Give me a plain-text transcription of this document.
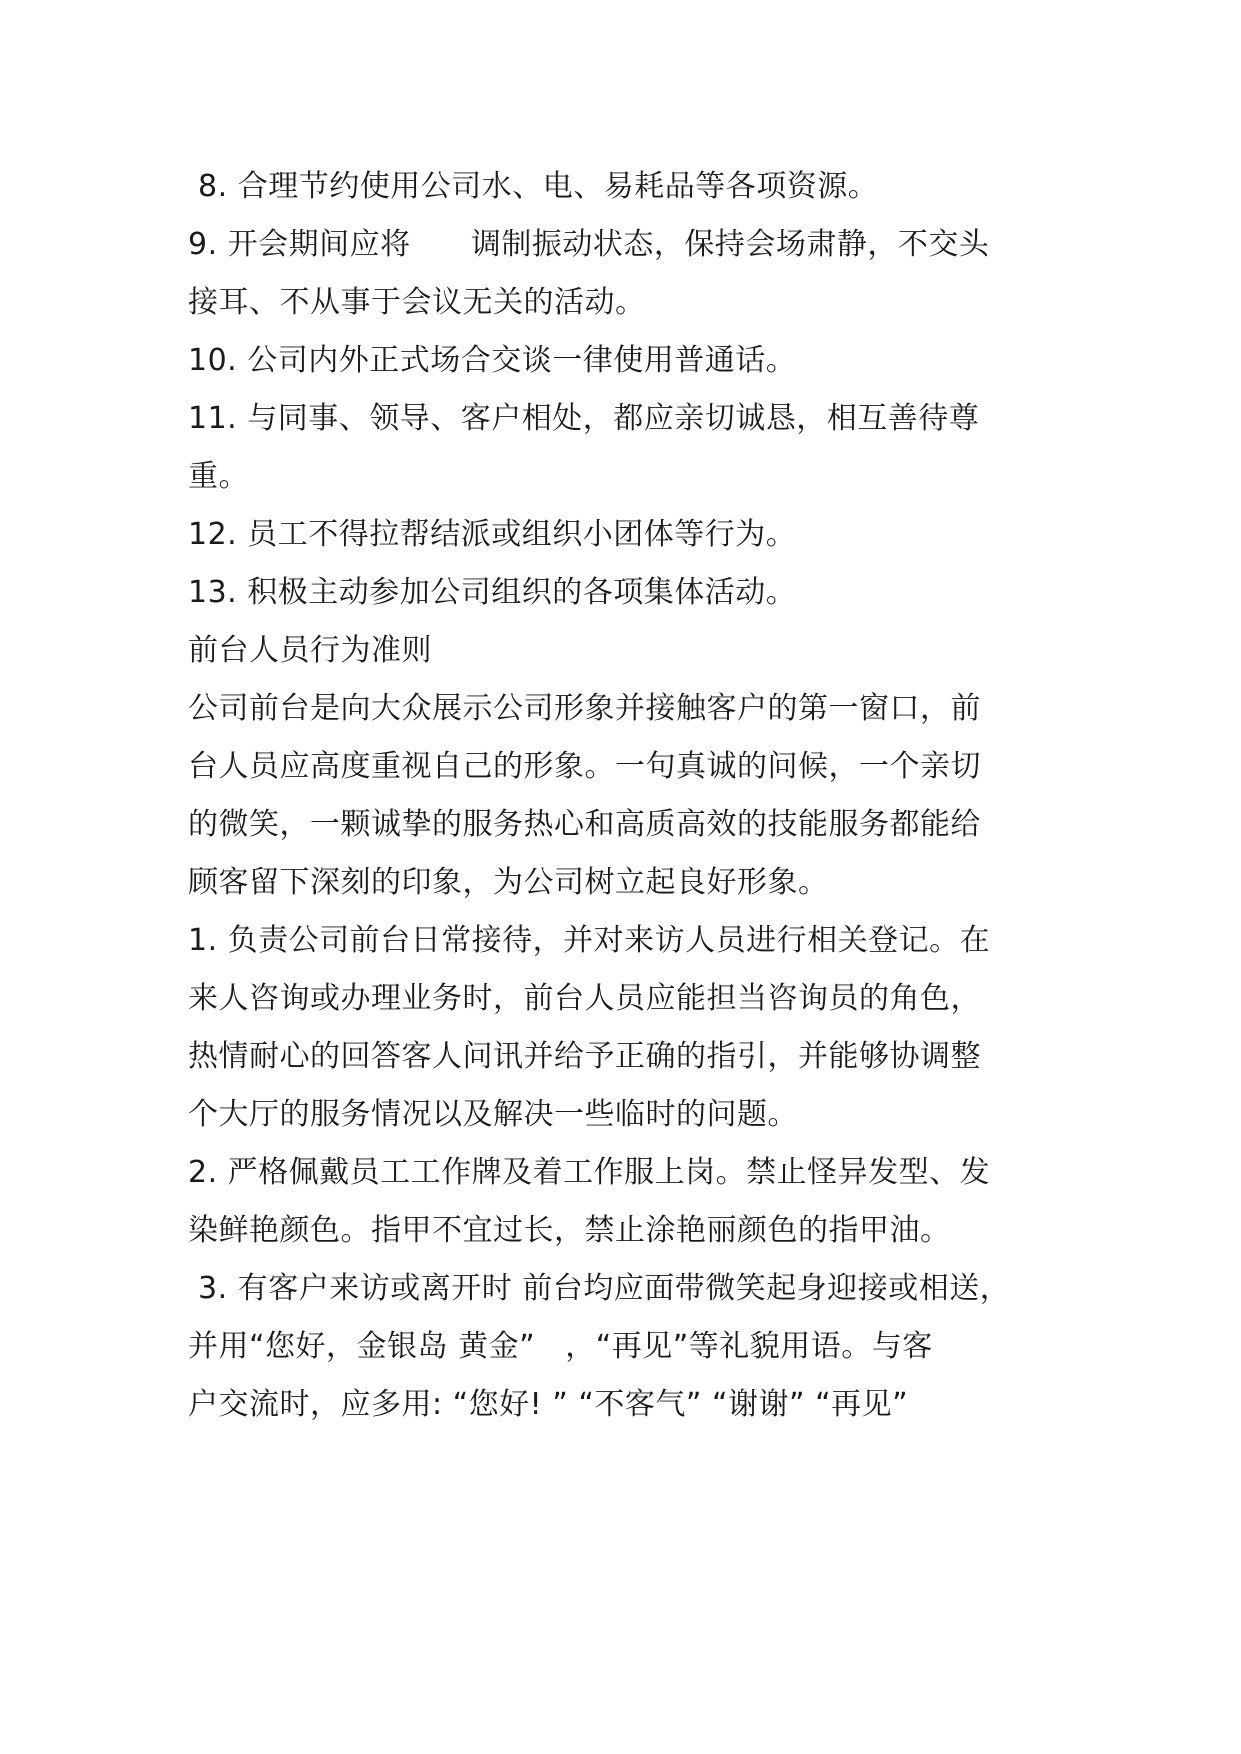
8. 合理节约使用公司水、电、易耗品等各项资源。
9. 开会期间应将      调制振动状态，保持会场肃静，不交头
接耳、不从事于会议无关的活动。
10. 公司内外正式场合交谈一律使用普通话。
11. 与同事、领导、客户相处，都应亲切诚恳，相互善待尊
重。
12. 员工不得拉帮结派或组织小团体等行为。
13. 积极主动参加公司组织的各项集体活动。
前台人员行为准则
公司前台是向大众展示公司形象并接触客户的第一窗口，前
台人员应高度重视自己的形象。一句真诚的问候，一个亲切
的微笑，一颗诚挚的服务热心和高质高效的技能服务都能给
顾客留下深刻的印象，为公司树立起良好形象。
1. 负责公司前台日常接待，并对来访人员进行相关登记。在
来人咨询或办理业务时，前台人员应能担当咨询员的角色，
热情耐心的回答客人问讯并给予正确的指引，并能够协调整
个大厅的服务情况以及解决一些临时的问题。
2. 严格佩戴员工工作牌及着工作服上岗。禁止怪异发型、发
染鲜艳颜色。指甲不宜过长，禁止涂艳丽颜色的指甲油。
3. 有客户来访或离开时 前台均应面带微笑起身迎接或相送，
并用“您好，金银岛 黄金”   ，“再见”等礼貌用语。与客
户交流时，应多用: “您好! ” “不客气” “谢谢” “再见”
